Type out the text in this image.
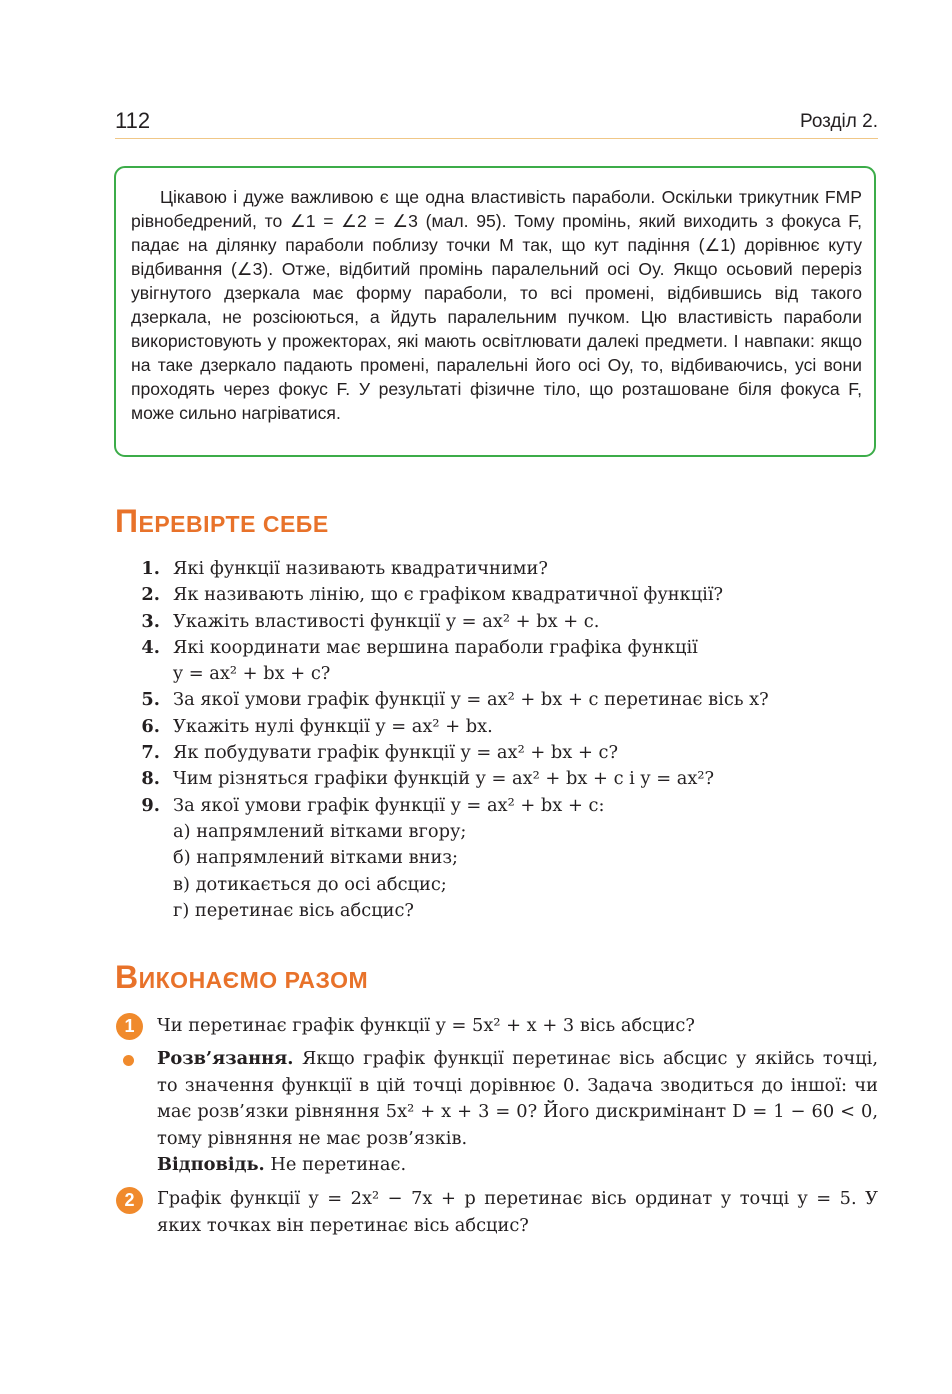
112	Розділ 2.

Цікавою і дуже важливою є ще одна властивість параболи. Оскільки трикутник FMP рівнобедрений, то ∠1 = ∠2 = ∠3 (мал. 95). Тому промінь, який виходить з фокуса F, падає на ділянку параболи поблизу точки M так, що кут падіння (∠1) дорівнює куту відбивання (∠3). Отже, відбитий промінь паралельний осі Oy. Якщо осьовий переріз увігнутого дзеркала має форму параболи, то всі промені, відбившись від такого дзеркала, не розсіюються, а йдуть паралельним пучком. Цю властивість параболи використовують у прожекторах, які мають освітлювати далекі предмети. І навпаки: якщо на таке дзеркало падають промені, паралельні його осі Oy, то, відбиваючись, усі вони проходять через фокус F. У результаті фізичне тіло, що розташоване біля фокуса F, може сильно нагріватися.

ПЕРЕВІРТЕ СЕБЕ
1. Які функції називають квадратичними?
2. Як називають лінію, що є графіком квадратичної функції?
3. Укажіть властивості функції y = ax² + bx + c.
4. Які координати має вершина параболи графіка функції
y = ax² + bx + c?
5. За якої умови графік функції y = ax² + bx + c перетинає вісь x?
6. Укажіть нулі функції y = ax² + bx.
7. Як побудувати графік функції y = ax² + bx + c?
8. Чим різняться графіки функцій y = ax² + bx + c і y = ax²?
9. За якої умови графік функції y = ax² + bx + c:
а) напрямлений вітками вгору;
б) напрямлений вітками вниз;
в) дотикається до осі абсцис;
г) перетинає вісь абсцис?
ВИКОНАЄМО РАЗОМ
1	Чи перетинає графік функції y = 5x² + x + 3 вісь абсцис?

Розв’язання. Якщо графік функції перетинає вісь абсцис у якійсь точці, то значення функції в цій точці дорівнює 0. Задача зводиться до іншої: чи має розв’язки рівняння 5x² + x + 3 = 0? Його дискримінант D = 1 − 60 < 0, тому рівняння не має розв’язків.
Відповідь. Не перетинає.

2	Графік функції y = 2x² − 7x + p перетинає вісь ординат у точці y = 5. У яких точках він перетинає вісь абсцис?
